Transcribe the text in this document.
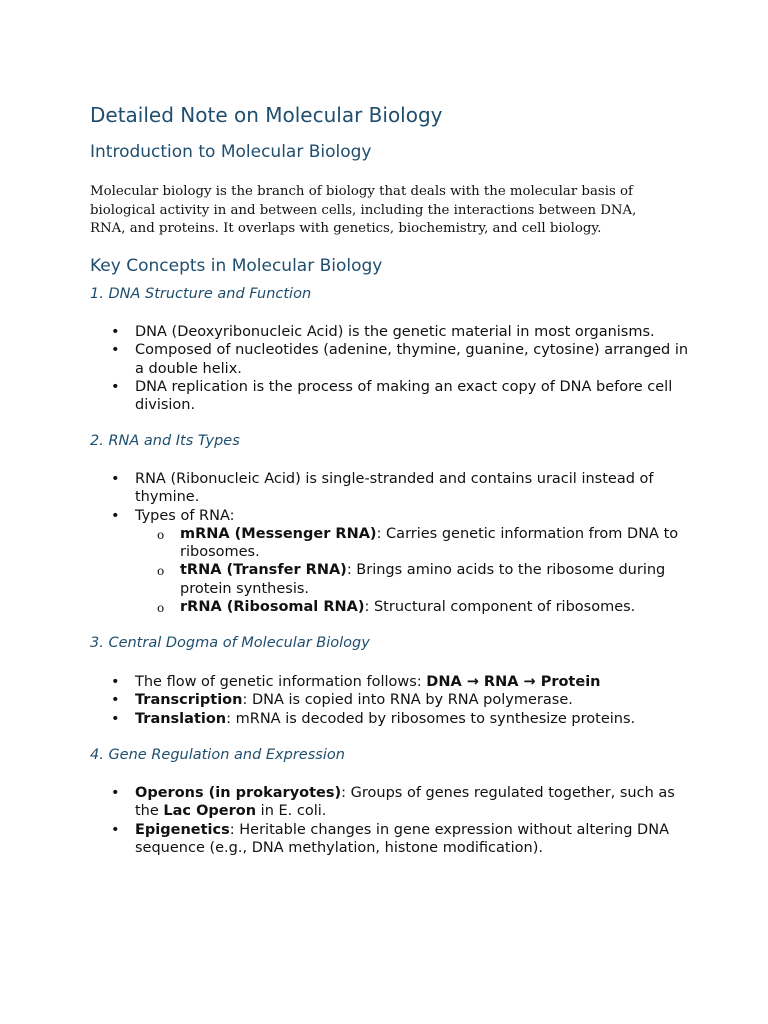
Detailed Note on Molecular Biology
Introduction to Molecular Biology

Molecular biology is the branch of biology that deals with the molecular basis of biological activity in and between cells, including the interactions between DNA, RNA, and proteins. It overlaps with genetics, biochemistry, and cell biology.

Key Concepts in Molecular Biology
1. DNA Structure and Function
• DNA (Deoxyribonucleic Acid) is the genetic material in most organisms.
• Composed of nucleotides (adenine, thymine, guanine, cytosine) arranged in a double helix.
• DNA replication is the process of making an exact copy of DNA before cell division.
2. RNA and Its Types
• RNA (Ribonucleic Acid) is single-stranded and contains uracil instead of thymine.
• Types of RNA:
o mRNA (Messenger RNA): Carries genetic information from DNA to ribosomes.
o tRNA (Transfer RNA): Brings amino acids to the ribosome during protein synthesis.
o rRNA (Ribosomal RNA): Structural component of ribosomes.
3. Central Dogma of Molecular Biology
• The flow of genetic information follows: DNA → RNA → Protein
• Transcription: DNA is copied into RNA by RNA polymerase.
• Translation: mRNA is decoded by ribosomes to synthesize proteins.
4. Gene Regulation and Expression
• Operons (in prokaryotes): Groups of genes regulated together, such as the Lac Operon in E. coli.
• Epigenetics: Heritable changes in gene expression without altering DNA sequence (e.g., DNA methylation, histone modification).
